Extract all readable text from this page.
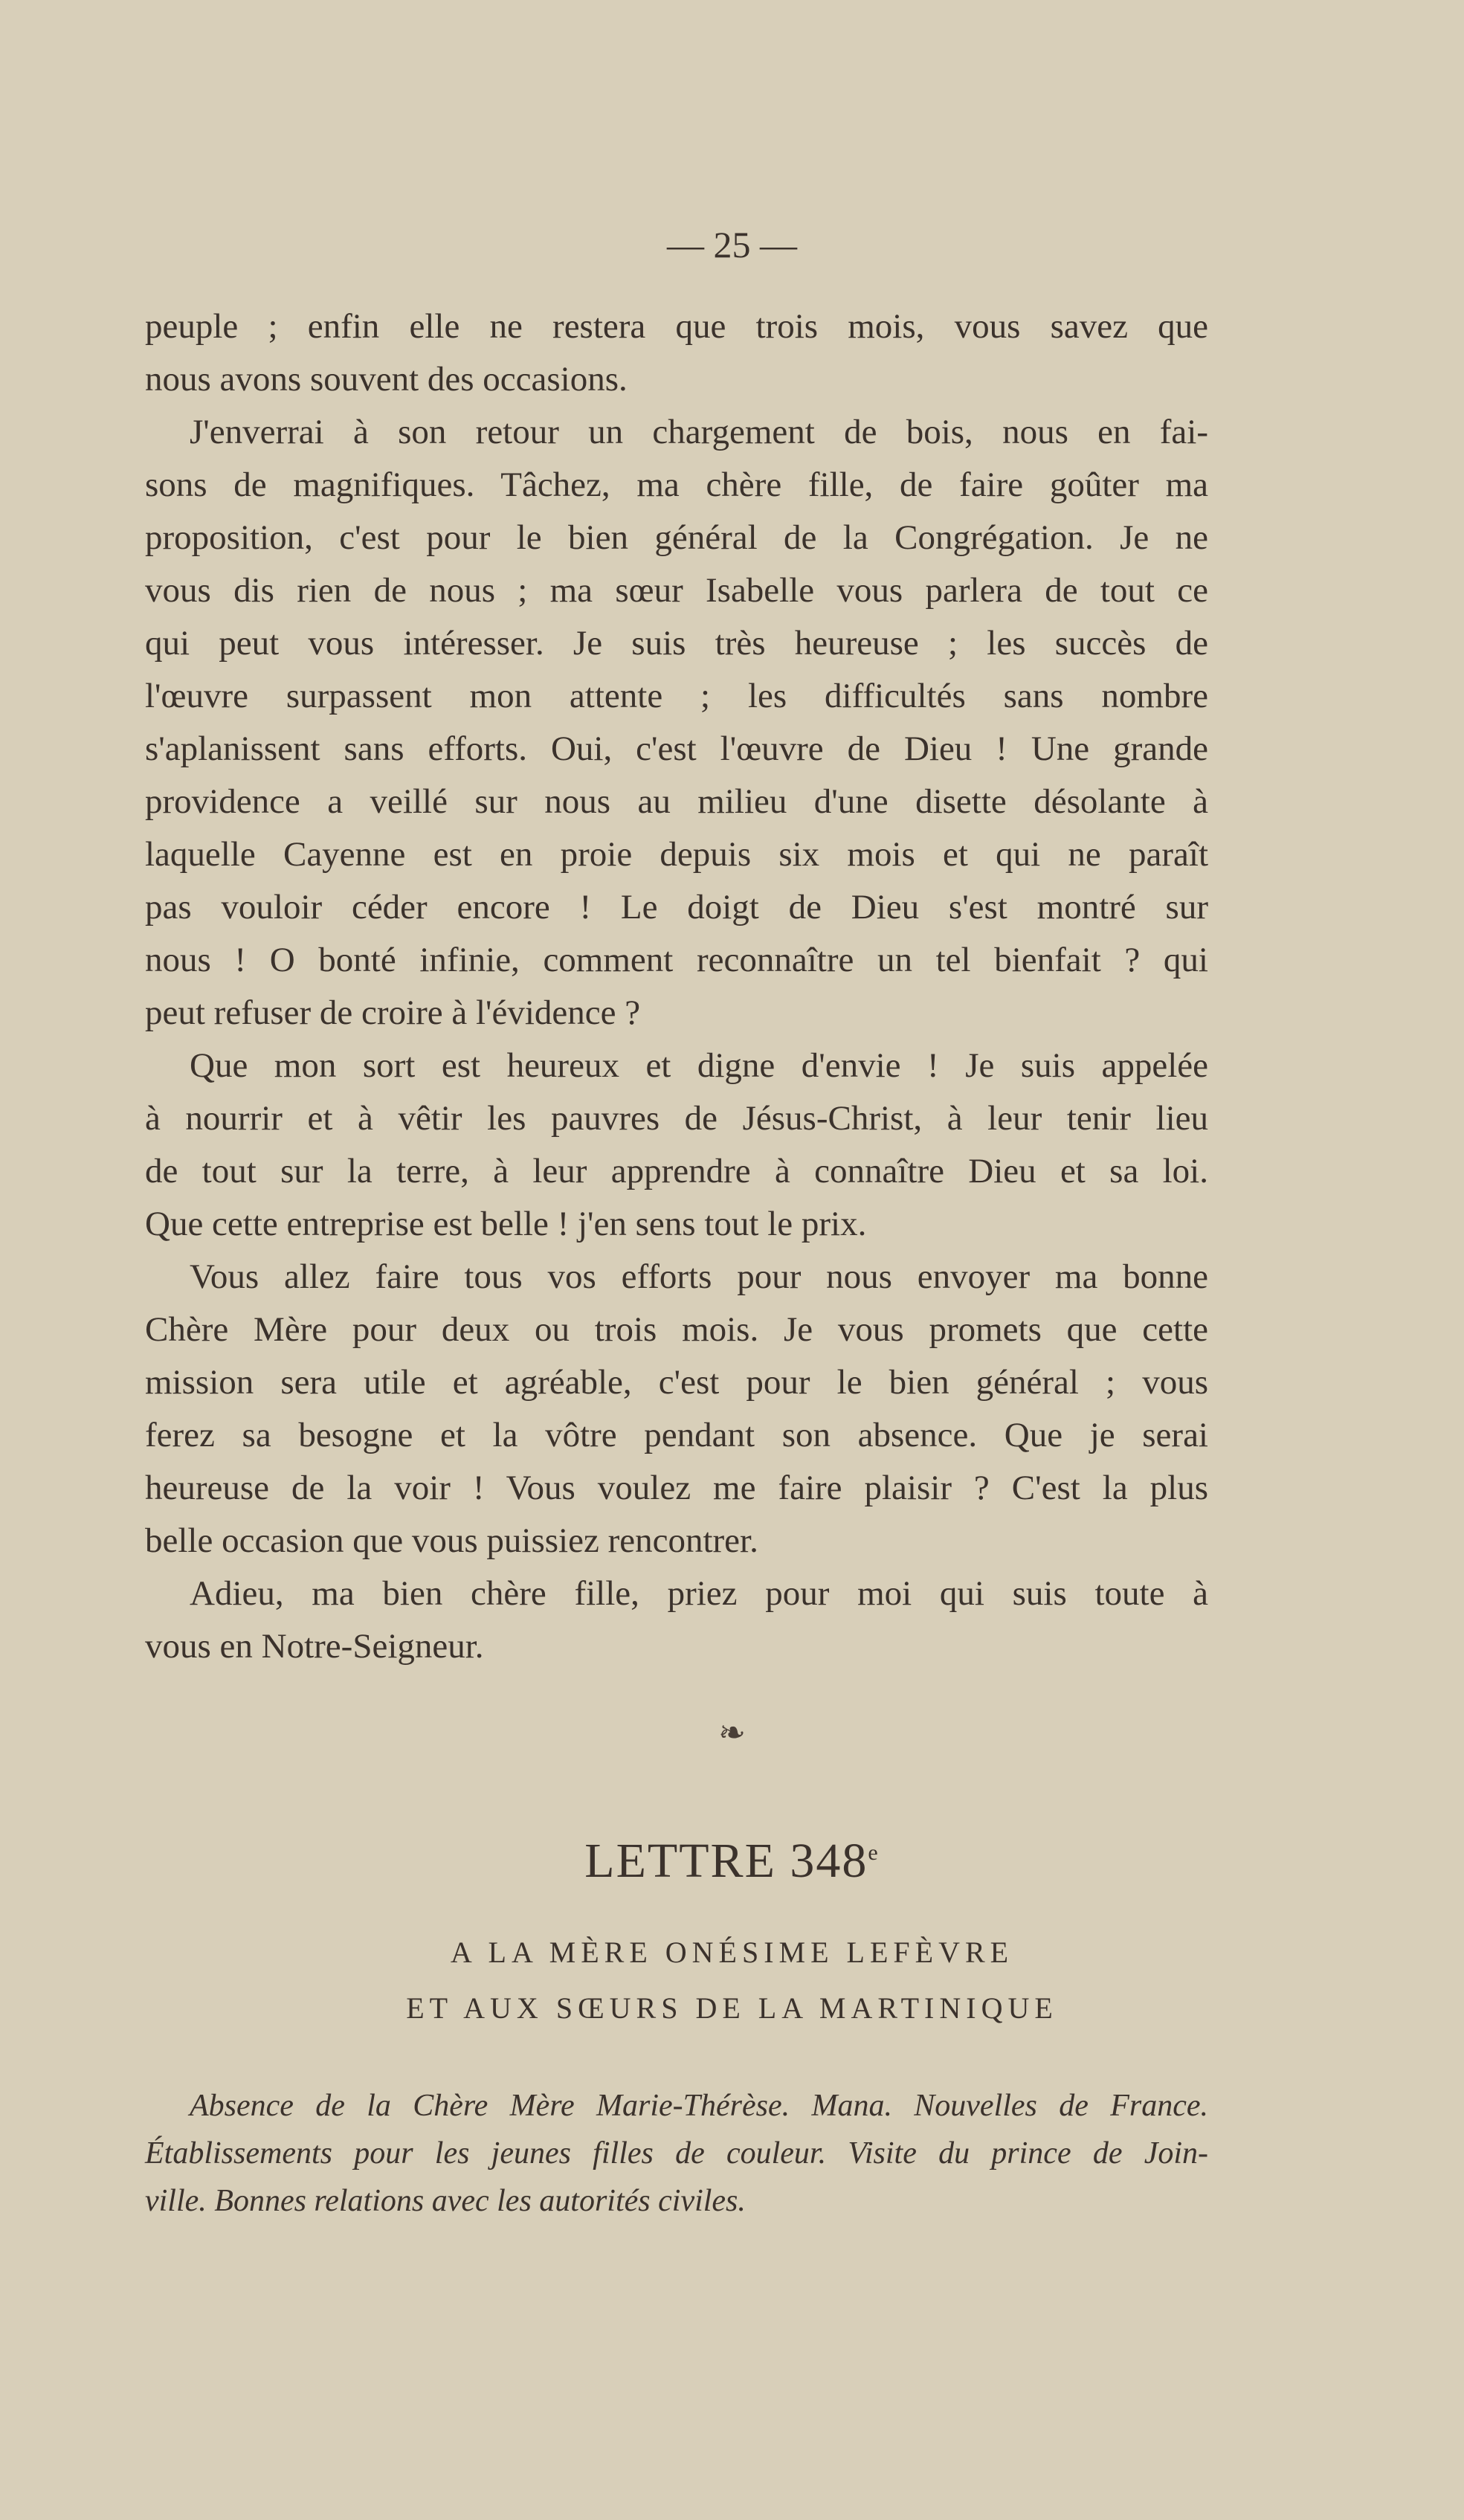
— 25 —
peuple ; enfin elle ne restera que trois mois, vous savez que
nous avons souvent des occasions.
J'enverrai à son retour un chargement de bois, nous en fai-
sons de magnifiques. Tâchez, ma chère fille, de faire goûter ma
proposition, c'est pour le bien général de la Congrégation. Je ne
vous dis rien de nous ; ma sœur Isabelle vous parlera de tout ce
qui peut vous intéresser. Je suis très heureuse ; les succès de
l'œuvre surpassent mon attente ; les difficultés sans nombre
s'aplanissent sans efforts. Oui, c'est l'œuvre de Dieu ! Une grande
providence a veillé sur nous au milieu d'une disette désolante à
laquelle Cayenne est en proie depuis six mois et qui ne paraît
pas vouloir céder encore ! Le doigt de Dieu s'est montré sur
nous ! O bonté infinie, comment reconnaître un tel bienfait ? qui
peut refuser de croire à l'évidence ?
Que mon sort est heureux et digne d'envie ! Je suis appelée
à nourrir et à vêtir les pauvres de Jésus-Christ, à leur tenir lieu
de tout sur la terre, à leur apprendre à connaître Dieu et sa loi.
Que cette entreprise est belle ! j'en sens tout le prix.
Vous allez faire tous vos efforts pour nous envoyer ma bonne
Chère Mère pour deux ou trois mois. Je vous promets que cette
mission sera utile et agréable, c'est pour le bien général ; vous
ferez sa besogne et la vôtre pendant son absence. Que je serai
heureuse de la voir ! Vous voulez me faire plaisir ? C'est la plus
belle occasion que vous puissiez rencontrer.
Adieu, ma bien chère fille, priez pour moi qui suis toute à
vous en Notre-Seigneur.
❧
LETTRE 348e
A LA MÈRE ONÉSIME LEFÈVRE
ET AUX SŒURS DE LA MARTINIQUE
Absence de la Chère Mère Marie-Thérèse. Mana. Nouvelles de France.
Établissements pour les jeunes filles de couleur. Visite du prince de Join-
ville. Bonnes relations avec les autorités civiles.
